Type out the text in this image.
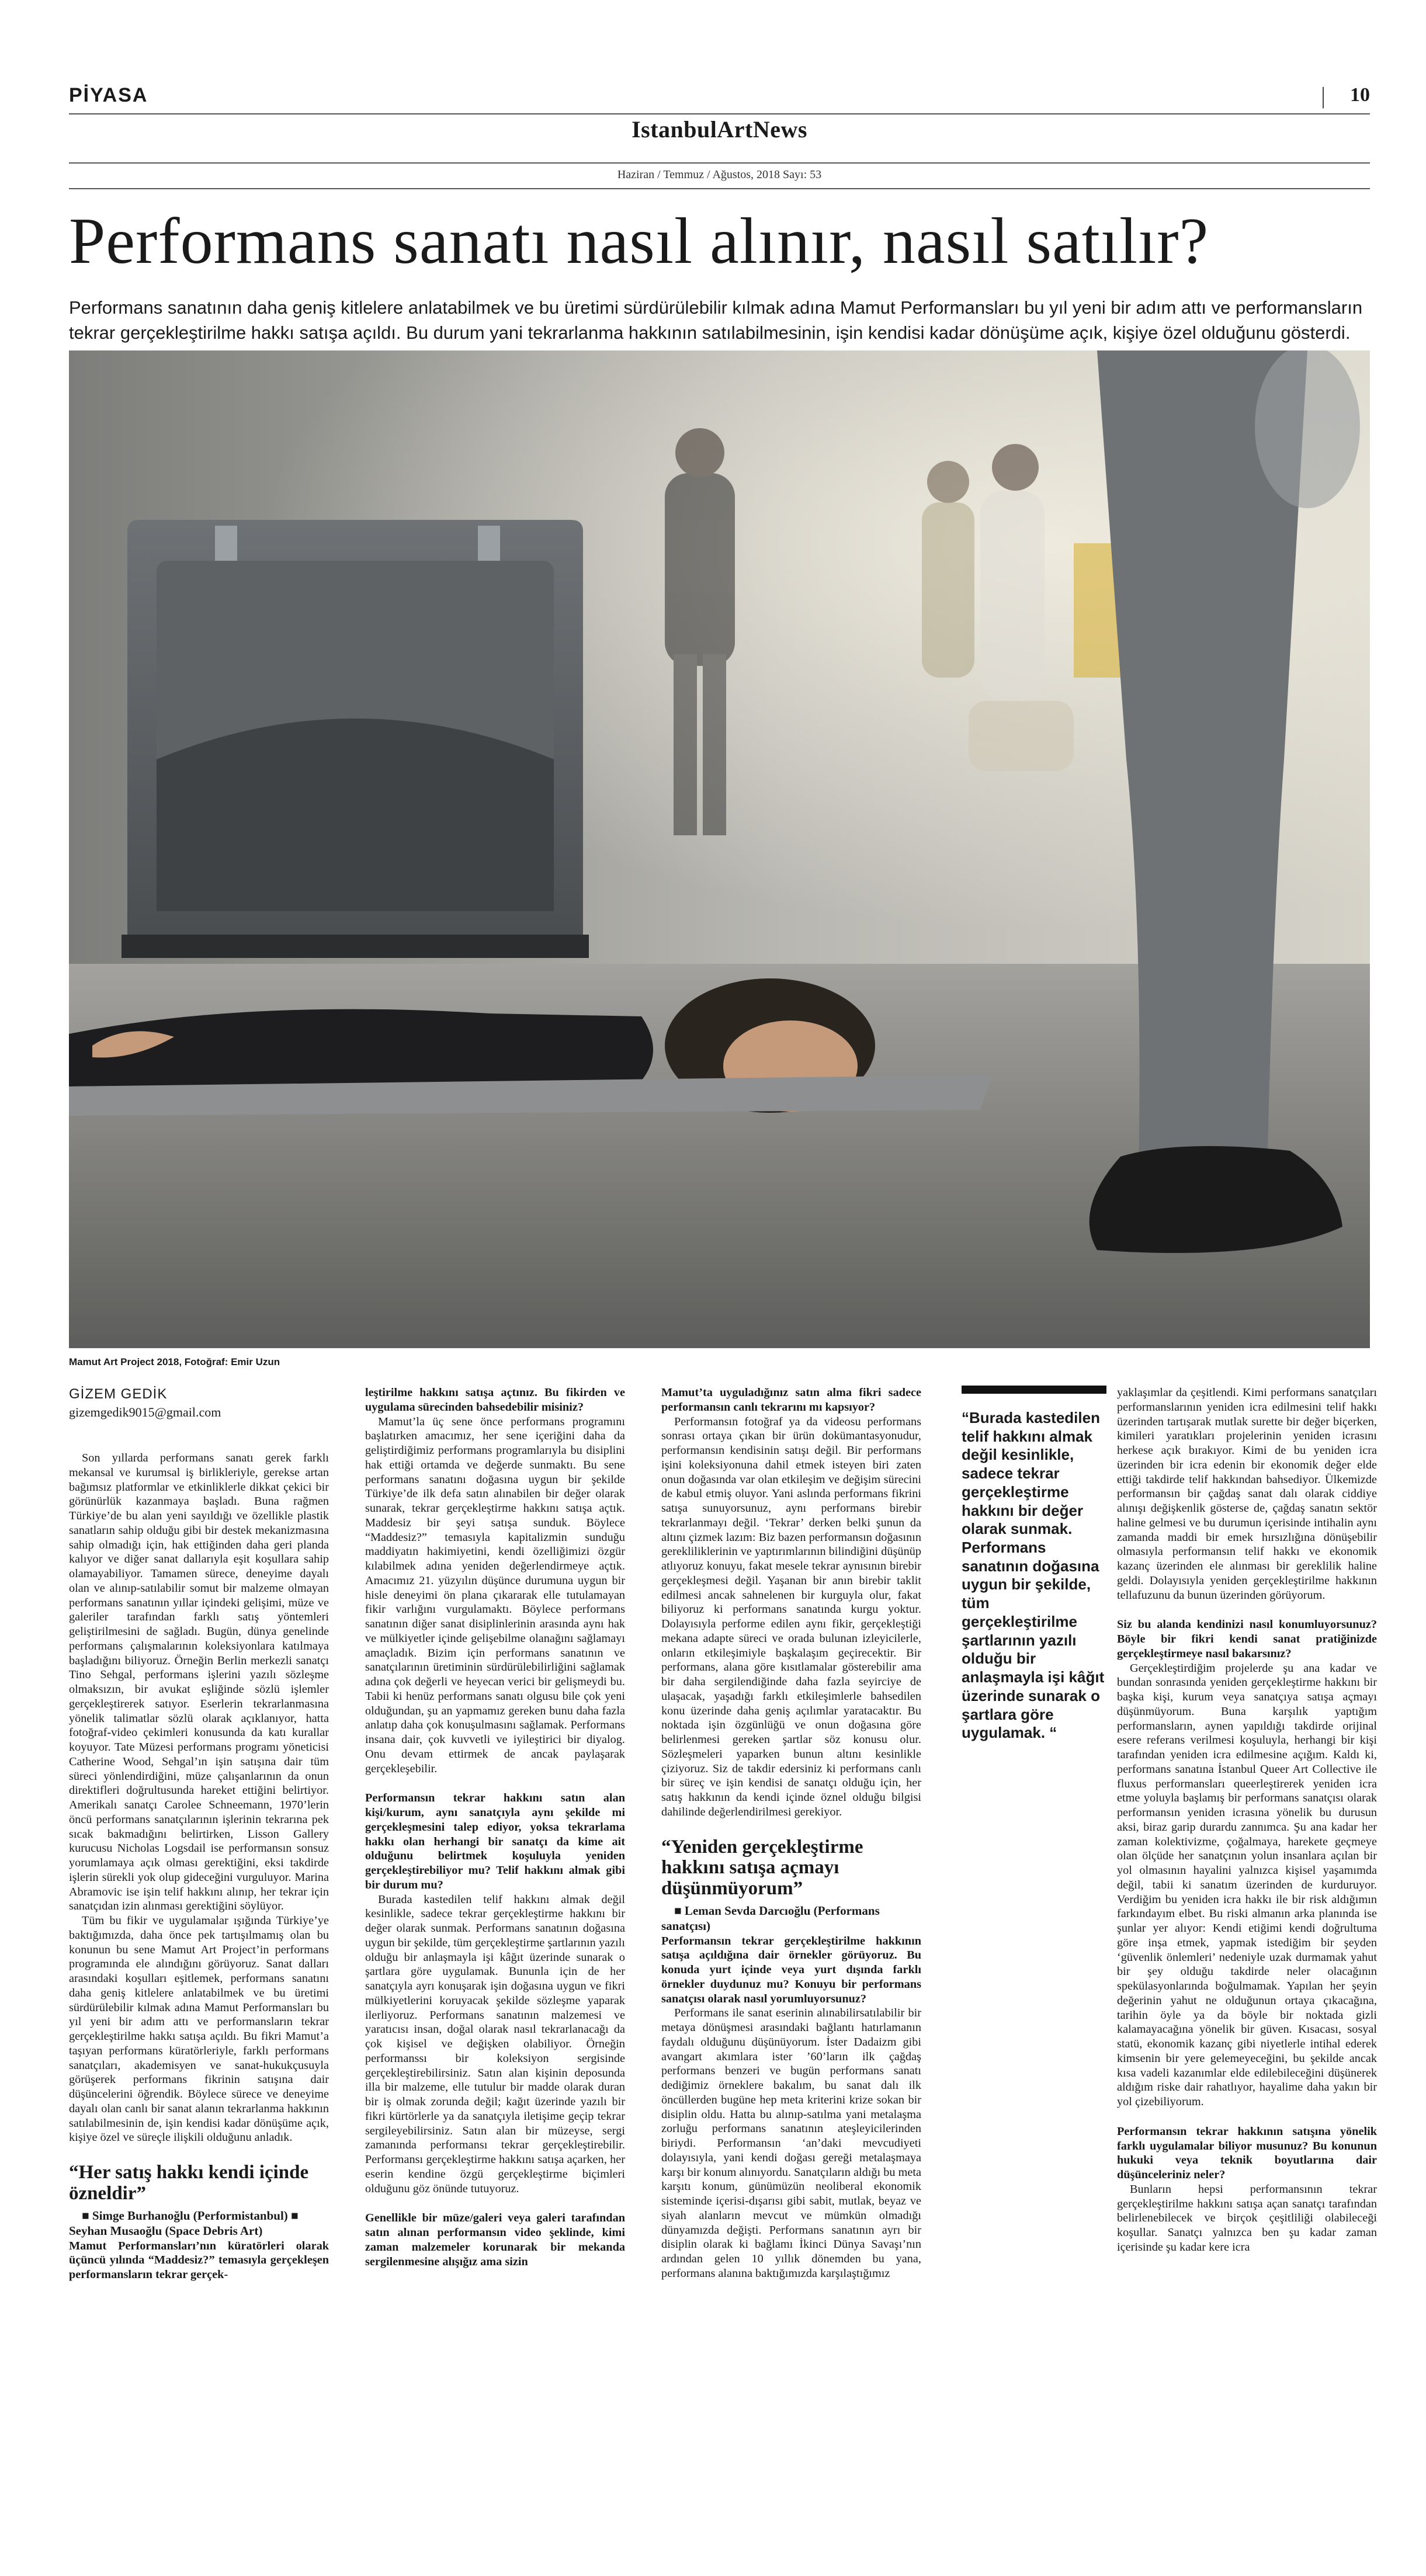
PİYASA	| 10
IstanbulArtNews
Haziran / Temmuz / Ağustos, 2018 Sayı: 53
Performans sanatı nasıl alınır, nasıl satılır?

Performans sanatının daha geniş kitlelere anlatabilmek ve bu üretimi sürdürülebilir kılmak adına Mamut Performansları bu yıl yeni bir adım attı ve performansların tekrar gerçekleştirilme hakkı satışa açıldı. Bu durum yani tekrarlanma hakkının satılabilmesinin, işin kendisi kadar dönüşüme açık, kişiye özel olduğunu gösterdi.

Mamut Art Project 2018, Fotoğraf: Emir Uzun
GİZEM GEDİK
gizemgedik9015@gmail.com

Son yıllarda performans sanatı gerek farklı mekansal ve kurumsal iş birlikleriyle, gerekse artan bağımsız platformlar ve etkinliklerle dikkat çekici bir görünürlük kazanmaya başladı. Buna rağmen Türkiye’de bu alan yeni sayıldığı ve özellikle plastik sanatların sahip olduğu gibi bir destek mekanizmasına sahip olmadığı için, hak ettiğinden daha geri planda kalıyor ve diğer sanat dallarıyla eşit koşullara sahip olamayabiliyor. Tamamen sürece, deneyime dayalı olan ve alınıp-satılabilir somut bir malzeme olmayan performans sanatının yıllar içindeki gelişimi, müze ve galeriler tarafından farklı satış yöntemleri geliştirilmesini de sağladı. Bugün, dünya genelinde performans çalışmalarının koleksiyonlara katılmaya başladığını biliyoruz. Örneğin Berlin merkezli sanatçı Tino Sehgal, performans işlerini yazılı sözleşme olmaksızın, bir avukat eşliğinde sözlü işlemler gerçekleştirerek satıyor. Eserlerin tekrarlanmasına yönelik talimatlar sözlü olarak açıklanıyor, hatta fotoğraf-video çekimleri konusunda da katı kurallar koyuyor. Tate Müzesi performans programı yöneticisi Catherine Wood, Sehgal’ın işin satışına dair tüm süreci yönlendirdiğini, müze çalışanlarının da onun direktifleri doğrultusunda hareket ettiğini belirtiyor. Amerikalı sanatçı Carolee Schneemann, 1970’lerin öncü performans sanatçılarının işlerinin tekrarına pek sıcak bakmadığını belirtirken, Lisson Gallery kurucusu Nicholas Logsdail ise performansın sonsuz yorumlamaya açık olması gerektiğini, eksi takdirde işlerin sürekli yok olup gideceğini vurguluyor. Marina Abramovic ise işin telif hakkını alınıp, her tekrar için sanatçıdan izin alınması gerektiğini söylüyor.

Tüm bu fikir ve uygulamalar ışığında Türkiye’ye baktığımızda, daha önce pek tartışılmamış olan bu konunun bu sene Mamut Art Project’in performans programında ele alındığını görüyoruz. Sanat dalları arasındaki koşulları eşitlemek, performans sanatını daha geniş kitlelere anlatabilmek ve bu üretimi sürdürülebilir kılmak adına Mamut Performansları bu yıl yeni bir adım attı ve performansların tekrar gerçekleştirilme hakkı satışa açıldı. Bu fikri Mamut’a taşıyan performans küratörleriyle, farklı performans sanatçıları, akademisyen ve sanat-hukukçusuyla görüşerek performans fikrinin satışına dair düşüncelerini öğrendik. Böylece sürece ve deneyime dayalı olan canlı bir sanat alanın tekrarlanma hakkının satılabilmesinin de, işin kendisi kadar dönüşüme açık, kişiye özel ve süreçle ilişkili olduğunu anladık.

“Her satış hakkı kendi içinde özneldir”

■ Simge Burhanoğlu (Performistanbul) ■ Seyhan Musaoğlu (Space Debris Art)

Mamut Performansları’nın küratörleri olarak üçüncü yılında “Maddesiz?” temasıyla gerçekleşen performansların tekrar gerçek-

leştirilme hakkını satışa açtınız. Bu fikirden ve uygulama sürecinden bahsedebilir misiniz?

Mamut’la üç sene önce performans programını başlatırken amacımız, her sene içeriğini daha da geliştirdiğimiz performans programlarıyla bu disiplini hak ettiği ortamda ve değerde sunmaktı. Bu sene performans sanatını doğasına uygun bir şekilde Türkiye’de ilk defa satın alınabilen bir değer olarak sunarak, tekrar gerçekleştirme hakkını satışa açtık. Maddesiz bir şeyi satışa sunduk. Böylece “Maddesiz?” temasıyla kapitalizmin sunduğu maddiyatın hakimiyetini, kendi özelliğimizi özgür kılabilmek adına yeniden değerlendirmeye açtık. Amacımız 21. yüzyılın düşünce durumuna uygun bir hisle deneyimi ön plana çıkararak elle tutulamayan fikir varlığını vurgulamaktı. Böylece performans sanatının diğer sanat disiplinlerinin arasında aynı hak ve mülkiyetler içinde gelişebilme olanağını sağlamayı amaçladık. Bizim için performans sanatının ve sanatçılarının üretiminin sürdürülebilirliğini sağlamak adına çok değerli ve heyecan verici bir gelişmeydi bu. Tabii ki henüz performans sanatı olgusu bile çok yeni olduğundan, şu an yapmamız gereken bunu daha fazla anlatıp daha çok konuşulmasını sağlamak. Performans insana dair, çok kuvvetli ve iyileştirici bir diyalog. Onu devam ettirmek de ancak paylaşarak gerçekleşebilir.

Performansın tekrar hakkını satın alan kişi/kurum, aynı sanatçıyla aynı şekilde mi gerçekleşmesini talep ediyor, yoksa tekrarlama hakkı olan herhangi bir sanatçı da kime ait olduğunu belirtmek koşuluyla yeniden gerçekleştirebiliyor mu? Telif hakkını almak gibi bir durum mu?

Burada kastedilen telif hakkını almak değil kesinlikle, sadece tekrar gerçekleştirme hakkını bir değer olarak sunmak. Performans sanatının doğasına uygun bir şekilde, tüm gerçekleştirme şartlarının yazılı olduğu bir anlaşmayla işi kâğıt üzerinde sunarak o şartlara göre uygulamak. Bununla için de her sanatçıyla ayrı konuşarak işin doğasına uygun ve fikri mülkiyetlerini koruyacak şekilde sözleşme yaparak ilerliyoruz. Performans sanatının malzemesi ve yaratıcısı insan, doğal olarak nasıl tekrarlanacağı da çok kişisel ve değişken olabiliyor. Örneğin performanssı bir koleksiyon sergisinde gerçekleştirebilirsiniz. Satın alan kişinin deposunda illa bir malzeme, elle tutulur bir madde olarak duran bir iş olmak zorunda değil; kağıt üzerinde yazılı bir fikri kürtörlerle ya da sanatçıyla iletişime geçip tekrar sergileyebilirsiniz. Satın alan bir müzeyse, sergi zamanında performansı tekrar gerçekleştirebilir. Performansı gerçekleştirme hakkını satışa açarken, her eserin kendine özgü gerçekleştirme biçimleri olduğunu göz önünde tutuyoruz.

Genellikle bir müze/galeri veya galeri tarafından satın alınan performansın video şeklinde, kimi zaman malzemeler korunarak bir mekanda sergilenmesine alışığız ama sizin

Mamut’ta uyguladığınız satın alma fikri sadece performansın canlı tekrarını mı kapsıyor?

Performansın fotoğraf ya da videosu performans sonrası ortaya çıkan bir ürün dokümantasyonudur, performansın kendisinin satışı değil. Bir performans işini koleksiyonuna dahil etmek isteyen biri zaten onun doğasında var olan etkileşim ve değişim sürecini de kabul etmiş oluyor. Yani aslında performans fikrini satışa sunuyorsunuz, aynı performans birebir tekrarlanmayı değil. ‘Tekrar’ derken belki şunun da altını çizmek lazım: Biz bazen performansın doğasının gerekliliklerinin ve yaptırımlarının bilindiğini düşünüp atlıyoruz konuyu, fakat mesele tekrar aynısının birebir gerçekleşmesi değil. Yaşanan bir anın birebir taklit edilmesi ancak sahnelenen bir kurguyla olur, fakat biliyoruz ki performans sanatında kurgu yoktur. Dolayısıyla performe edilen aynı fikir, gerçekleştiği mekana adapte süreci ve orada bulunan izleyicilerle, onların etkileşimiyle başkalaşım geçirecektir. Bir performans, alana göre kısıtlamalar gösterebilir ama bir daha sergilendiğinde daha fazla seyirciye de ulaşacak, yaşadığı farklı etkileşimlerle bahsedilen konu üzerinde daha geniş açılımlar yaratacaktır. Bu noktada işin özgünlüğü ve onun doğasına göre belirlenmesi gereken şartlar söz konusu olur. Sözleşmeleri yaparken bunun altını kesinlikle çiziyoruz. Siz de takdir edersiniz ki performans canlı bir süreç ve işin kendisi de sanatçı olduğu için, her satış hakkının da kendi içinde öznel olduğu bilgisi dahilinde değerlendirilmesi gerekiyor.

“Yeniden gerçekleştirme hakkını satışa açmayı düşünmüyorum”

■ Leman Sevda Darcıoğlu (Performans sanatçısı)

Performansın tekrar gerçekleştirilme hakkının satışa açıldığına dair örnekler görüyoruz. Bu konuda yurt içinde veya yurt dışında farklı örnekler duydunuz mu? Konuyu bir performans sanatçısı olarak nasıl yorumluyorsunuz?

Performans ile sanat eserinin alınabilirsatılabilir bir metaya dönüşmesi arasındaki bağlantı hatırlamanın faydalı olduğunu düşünüyorum. İster Dadaizm gibi avangart akımlara ister ’60’ların ilk çağdaş performans benzeri ve bugün performans sanatı dediğimiz örneklere bakalım, bu sanat dalı ilk öncüllerden bugüne hep meta kriterini krize sokan bir disiplin oldu. Hatta bu alınıp-satılma yani metalaşma zorluğu performans sanatının ateşleyicilerinden biriydi. Performansın ‘an’daki mevcudiyeti dolayısıyla, yani kendi doğası gereği metalaşmaya karşı bir konum alınıyordu. Sanatçıların aldığı bu meta karşıtı konum, günümüzün neoliberal ekonomik sisteminde içerisi-dışarısı gibi sabit, mutlak, beyaz ve siyah alanların mevcut ve mümkün olmadığı dünyamızda değişti. Performans sanatının ayrı bir disiplin olarak ki bağlamı İkinci Dünya Savaşı’nın ardından gelen 10 yıllık dönemden bu yana, performans alanına baktığımızda karşılaştığımız

“Burada kastedilen telif hakkını almak değil kesinlikle, sadece tekrar gerçekleştirme hakkını bir değer olarak sunmak. Performans sanatının doğasına uygun bir şekilde, tüm gerçekleştirilme şartlarının yazılı olduğu bir anlaşmayla işi kâğıt üzerinde sunarak o şartlara göre uygulamak. “

yaklaşımlar da çeşitlendi. Kimi performans sanatçıları performanslarının yeniden icra edilmesini telif hakkı üzerinden tartışarak mutlak surette bir değer biçerken, kimileri yaratıkları projelerinin yeniden icrasını herkese açık bırakıyor. Kimi de bu yeniden icra üzerinden bir icra edenin bir ekonomik değer elde ettiği takdirde telif hakkından bahsediyor. Ülkemizde performansın bir çağdaş sanat dalı olarak ciddiye alınışı değişkenlik gösterse de, çağdaş sanatın sektör haline gelmesi ve bu durumun içerisinde intihalin aynı zamanda maddi bir emek hırsızlığına dönüşebilir olmasıyla performansın telif hakkı ve ekonomik kazanç üzerinden ele alınması bir gereklilik haline geldi. Dolayısıyla yeniden gerçekleştirilme hakkının tellafuzunu da bunun üzerinden görüyorum.

Siz bu alanda kendinizi nasıl konumluyorsunuz? Böyle bir fikri kendi sanat pratiğinizde gerçekleştirmeye nasıl bakarsınız?

Gerçekleştirdiğim projelerde şu ana kadar ve bundan sonrasında yeniden gerçekleştirme hakkını bir başka kişi, kurum veya sanatçıya satışa açmayı düşünmüyorum. Buna karşılık yaptığım performansların, aynen yapıldığı takdirde orijinal esere referans verilmesi koşuluyla, herhangi bir kişi tarafından yeniden icra edilmesine açığım. Kaldı ki, performans sanatına İstanbul Queer Art Collective ile fluxus performansları queerleştirerek yeniden icra etme yoluyla başlamış bir performans sanatçısı olarak performansın yeniden icrasına yönelik bu durusun aksi, biraz garip durardu zannımca. Şu ana kadar her zaman kolektivizme, çoğalmaya, harekete geçmeye olan ölçüde her sanatçının yolun insanlara açılan bir yol olmasının hayalini yalnızca kişisel yaşamımda değil, tabii ki sanatım üzerinden de kurduruyor. Verdiğim bu yeniden icra hakkı ile bir risk aldığımın farkındayım elbet. Bu riski almanın arka planında ise şunlar yer alıyor: Kendi etiğimi kendi doğrultuma göre inşa etmek, yapmak istediğim bir şeyden ‘güvenlik önlemleri’ nedeniyle uzak durmamak yahut bir şey olduğu takdirde neler olacağının spekülasyonlarında boğulmamak. Yapılan her şeyin değerinin yahut ne olduğunun ortaya çıkacağına, tarihin öyle ya da böyle bir noktada gizli kalamayacağına yönelik bir güven. Kısacası, sosyal statü, ekonomik kazanç gibi niyetlerle intihal ederek kimsenin bir yere gelemeyeceğini, bu şekilde ancak kısa vadeli kazanımlar elde edilebileceğini düşünerek aldığım riske dair rahatlıyor, hayalime daha yakın bir yol çizebiliyorum.

Performansın tekrar hakkının satışına yönelik farklı uygulamalar biliyor musunuz? Bu konunun hukuki veya teknik boyutlarına dair düşünceleriniz neler?

Bunların hepsi performansının tekrar gerçekleştirilme hakkını satışa açan sanatçı tarafından belirlenebilecek ve birçok çeşitliliği olabileceği koşullar. Sanatçı yalnızca ben şu kadar zaman içerisinde şu kadar kere icra
